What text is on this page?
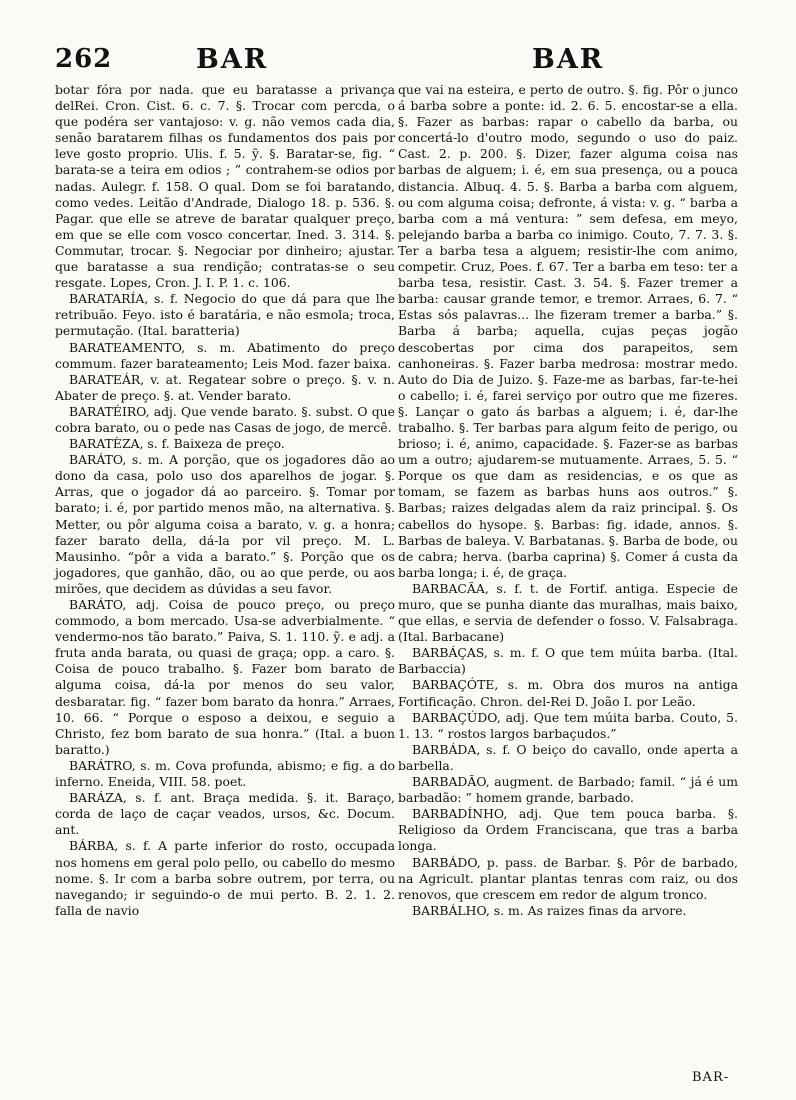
262	BAR	BAR

botar fóra por nada. que eu baratasse a privança delRei. Cron. Cist. 6. c. 7. §. Trocar com percda, o que podéra ser vantajoso: v. g. não vemos cada dia, senão baratarem filhas os fundamentos dos pais por leve gosto proprio. Ulis. f. 5. ỹ. §. Baratar-se, fig. “ barata-se a teira em odios ; ” contrahem-se odios por nadas. Aulegr. f. 158. O qual. Dom se foi baratando, como vedes. Leitão d'Andrade, Dialogo 18. p. 536. §. Pagar. que elle se atreve de baratar qualquer preço, em que se elle com vosco concertar. Ined. 3. 314. §. Commutar, trocar. §. Negociar por dinheiro; ajustar. que baratasse a sua rendição; contratas-se o seu resgate. Lopes, Cron. J. I. P. 1. c. 106.

BARATARÍA, s. f. Negocio do que dá para que lhe retribuão. Feyo. isto é baratária, e não esmola; troca, permutação. (Ital. baratteria)

BARATEAMENTO, s. m. Abatimento do preço commum. fazer barateamento; Leis Mod. fazer baixa.

BARATEÁR, v. at. Regatear sobre o preço. §. v. n. Abater de preço. §. at. Vender barato.

BARATÉIRO, adj. Que vende barato. §. subst. O que cobra barato, ou o pede nas Casas de jogo, de mercê.

BARATÈZA, s. f. Baixeza de preço.

BARÁTO, s. m. A porção, que os jogadores dão ao dono da casa, polo uso dos aparelhos de jogar. §. Arras, que o jogador dá ao parceiro. §. Tomar por barato; i. é, por partido menos mão, na alternativa. §. Metter, ou pôr alguma coisa a barato, v. g. a honra; fazer barato della, dá-la por vil preço. M. L. Mausinho. “pôr a vida a barato.” §. Porção que os jogadores, que ganhão, dão, ou ao que perde, ou aos mirões, que decidem as dúvidas a seu favor.

BARÁTO, adj. Coisa de pouco preço, ou preço commodo, a bom mercado. Usa-se adverbialmente. “ vendermo-nos tão barato.” Paiva, S. 1. 110. ỹ. e adj. a fruta anda barata, ou quasi de graça; opp. a caro. §. Coisa de pouco trabalho. §. Fazer bom barato de alguma coisa, dá-la por menos do seu valor, desbaratar. fig. “ fazer bom barato da honra.” Arraes, 10. 66. “ Porque o esposo a deixou, e seguio a Christo, fez bom barato de sua honra.” (Ital. a buon baratto.)

BARÁTRO, s. m. Cova profunda, abismo; e fig. a do inferno. Eneida, VIII. 58. poet.

BARÁZA, s. f. ant. Braça medida. §. it. Baraço, corda de laço de caçar veados, ursos, &c. Docum. ant.

BÁRBA, s. f. A parte inferior do rosto, occupada nos homens em geral polo pello, ou cabello do mesmo nome. §. Ir com a barba sobre outrem, por terra, ou navegando; ir seguindo-o de mui perto. B. 2. 1. 2. falla de navio

que vai na esteira, e perto de outro. §. fig. Pôr o junco á barba sobre a ponte: id. 2. 6. 5. encostar-se a ella. §. Fazer as barbas: rapar o cabello da barba, ou concertá-lo d'outro modo, segundo o uso do paiz. Cast. 2. p. 200. §. Dizer, fazer alguma coisa nas barbas de alguem; i. é, em sua presença, ou a pouca distancia. Albuq. 4. 5. §. Barba a barba com alguem, ou com alguma coisa; defronte, á vista: v. g. “ barba a barba com a má ventura: ” sem defesa, em meyo, pelejando barba a barba co inimigo. Couto, 7. 7. 3. §. Ter a barba tesa a alguem; resistir-lhe com animo, competir. Cruz, Poes. f. 67. Ter a barba em teso: ter a barba tesa, resistir. Cast. 3. 54. §. Fazer tremer a barba: causar grande temor, e tremor. Arraes, 6. 7. “ Estas sós palavras... lhe fizeram tremer a barba.” §. Barba á barba; aquella, cujas peças jogão descobertas por cima dos parapeitos, sem canhoneiras. §. Fazer barba medrosa: mostrar medo. Auto do Dia de Juizo. §. Faze-me as barbas, far-te-hei o cabello; i. é, farei serviço por outro que me fizeres. §. Lançar o gato ás barbas a alguem; i. é, dar-lhe trabalho. §. Ter barbas para algum feito de perigo, ou brioso; i. é, animo, capacidade. §. Fazer-se as barbas um a outro; ajudarem-se mutuamente. Arraes, 5. 5. “ Porque os que dam as residencias, e os que as tomam, se fazem as barbas huns aos outros.” §. Barbas; raizes delgadas alem da raiz principal. §. Os cabellos do hysope. §. Barbas: fig. idade, annos. §. Barbas de baleya. V. Barbatanas. §. Barba de bode, ou de cabra; herva. (barba caprina) §. Comer á custa da barba longa; i. é, de graça.

BARBACÃA, s. f. t. de Fortif. antiga. Especie de muro, que se punha diante das muralhas, mais baixo, que ellas, e servia de defender o fosso. V. Falsabraga. (Ital. Barbacane)

BARBÁÇAS, s. m. f. O que tem múita barba. (Ital. Barbaccia)

BARBAÇÓTE, s. m. Obra dos muros na antiga Fortificação. Chron. del-Rei D. João I. por Leão.

BARBAÇÚDO, adj. Que tem múita barba. Couto, 5. 1. 13. “ rostos largos barbaçudos.”

BARBÁDA, s. f. O beiço do cavallo, onde aperta a barbella.

BARBADÃO, augment. de Barbado; famil. “ já é um barbadão: ” homem grande, barbado.

BARBADÍNHO, adj. Que tem pouca barba. §. Religioso da Ordem Franciscana, que tras a barba longa.

BARBÁDO, p. pass. de Barbar. §. Pôr de barbado, na Agricult. plantar plantas tenras com raiz, ou dos renovos, que crescem em redor de algum tronco.

BARBÁLHO, s. m. As raizes finas da arvore.

BAR-
